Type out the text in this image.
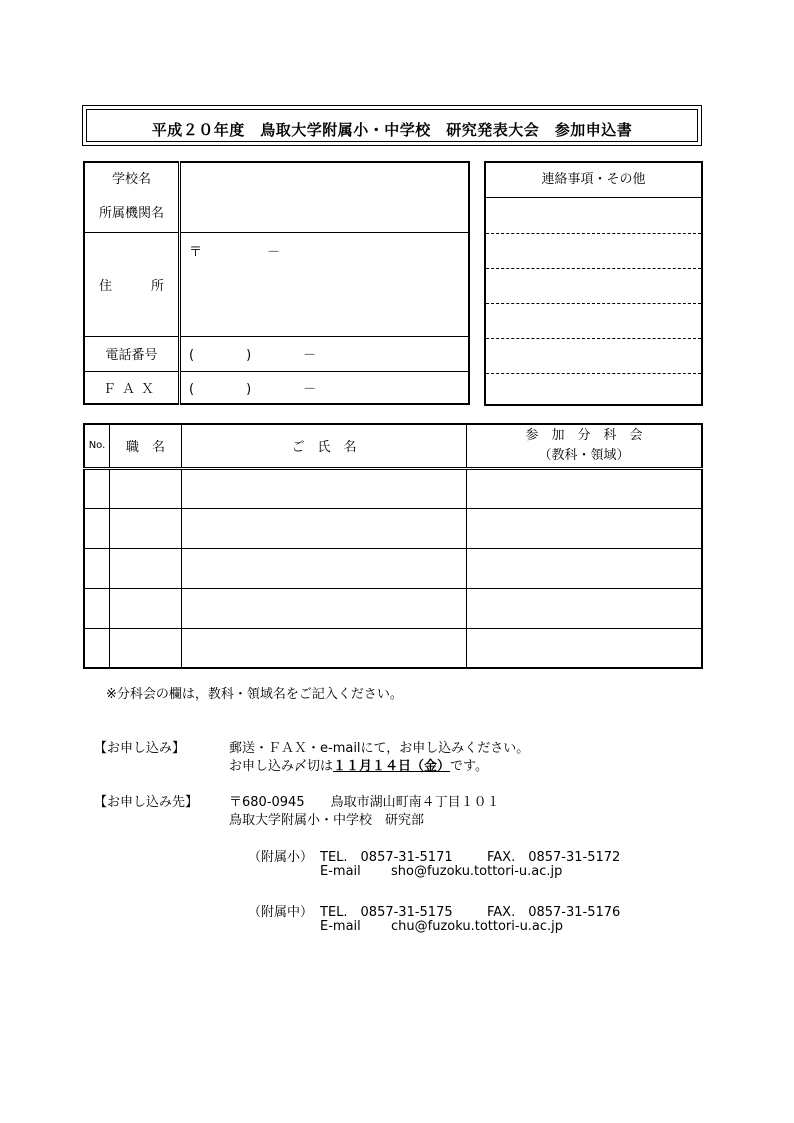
平成２０年度　鳥取大学附属小・中学校　研究発表大会　参加申込書
学校名
所属機関名	

住　　　所	〒　　　　　－

電話番号	(　　　　)　　　　－
ＦＡＸ	(　　　　)　　　　－
連絡事項・その他
No.	職　名	ご　氏　名	参　加　分　科　会
（教科・領域）

※分科会の欄は，教科・領域名をご記入ください。
【お申し込み】	郵送・ＦＡＸ・e-mailにて，お申し込みください。
お申し込み〆切は１１月１４日（金）です。
【お申し込み先】 〒680-0945　　鳥取市湖山町南４丁目１０１
鳥取大学附属小・中学校　研究部
（附属小） TEL.　0857-31-5171	FAX.　0857-31-5172
E-mail sho@fuzoku.tottori-u.ac.jp
（附属中） TEL.　0857-31-5175	FAX.　0857-31-5176
E-mail chu@fuzoku.tottori-u.ac.jp
